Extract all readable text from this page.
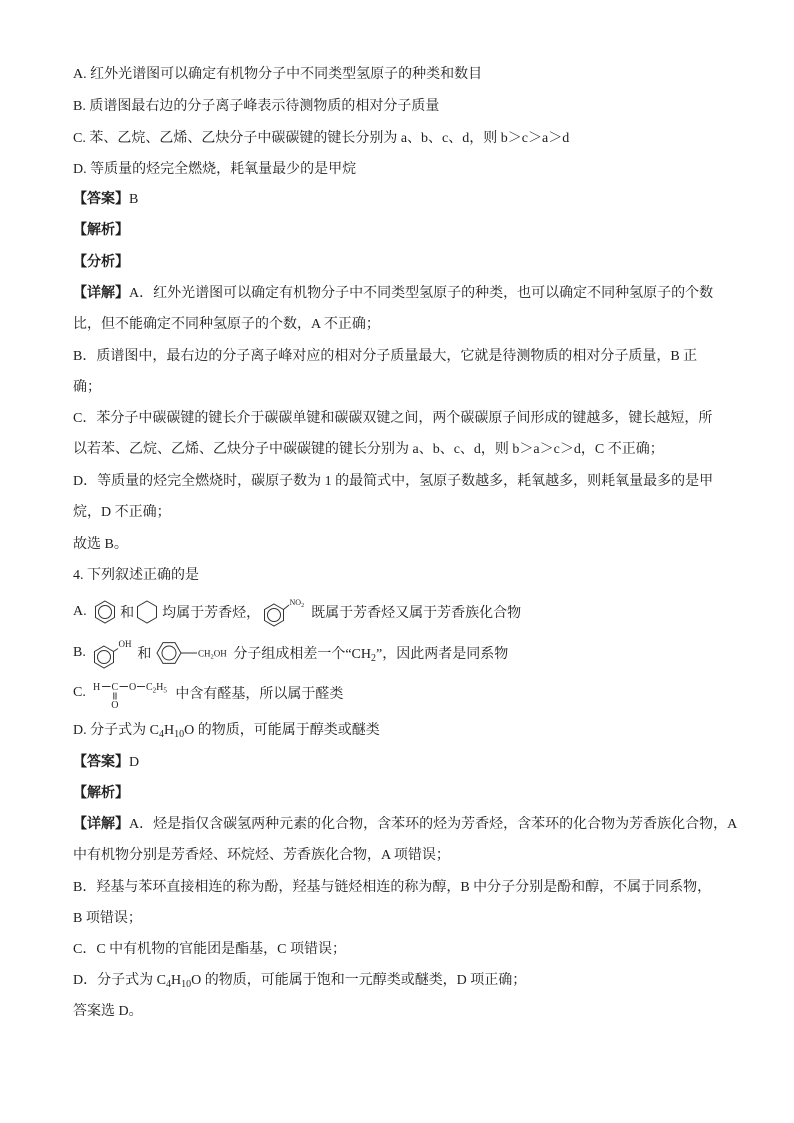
A. 红外光谱图可以确定有机物分子中不同类型氢原子的种类和数目
B. 质谱图最右边的分子离子峰表示待测物质的相对分子质量
C. 苯、乙烷、乙烯、乙炔分子中碳碳键的键长分别为 a、b、c、d，则 b＞c＞a＞d
D. 等质量的烃完全燃烧，耗氧量最少的是甲烷
【答案】B
【解析】
【分析】
【详解】A．红外光谱图可以确定有机物分子中不同类型氢原子的种类，也可以确定不同种氢原子的个数
比，但不能确定不同种氢原子的个数，A 不正确；
B．质谱图中，最右边的分子离子峰对应的相对分子质量最大，它就是待测物质的相对分子质量，B 正
确；
C．苯分子中碳碳键的键长介于碳碳单键和碳碳双键之间，两个碳碳原子间形成的键越多，键长越短，所
以若苯、乙烷、乙烯、乙炔分子中碳碳键的键长分别为 a、b、c、d，则 b＞a＞c＞d，C 不正确；
D．等质量的烃完全燃烧时，碳原子数为 1 的最简式中，氢原子数越多，耗氧越多，则耗氧量最多的是甲
烷，D 不正确；
故选 B。
4. 下列叙述正确的是
A. 和 均属于芳香烃，
$NO_2$ 既属于芳香烃又属于芳香族化合物
B.
OH
和	$CH_2OH$ 分子组成相差一个“$CH_2$”，因此两者是同系物
C. H C O $C_2H_5$
O
中含有醛基，所以属于醛类
D. 分子式为 $C_4H_{10}O$ 的物质，可能属于醇类或醚类
【答案】D
【解析】
【详解】A．烃是指仅含碳氢两种元素的化合物，含苯环的烃为芳香烃，含苯环的化合物为芳香族化合物，A
中有机物分别是芳香烃、环烷烃、芳香族化合物，A 项错误；
B．羟基与苯环直接相连的称为酚，羟基与链烃相连的称为醇，B 中分子分别是酚和醇，不属于同系物，
B 项错误；
C．C 中有机物的官能团是酯基，C 项错误；
D．分子式为 $C_4H_{10}O$ 的物质，可能属于饱和一元醇类或醚类，D 项正确；
答案选 D。
